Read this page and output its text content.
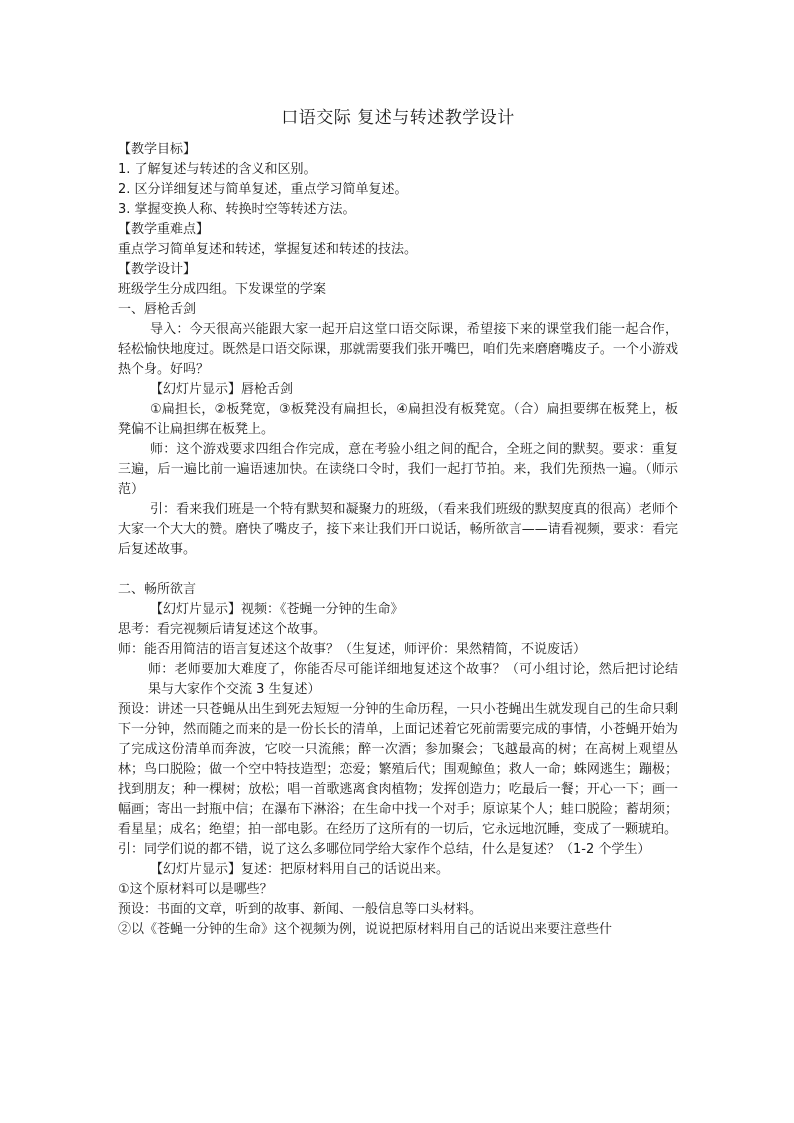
口语交际 复述与转述教学设计

【教学目标】

1. 了解复述与转述的含义和区别。

2. 区分详细复述与简单复述，重点学习简单复述。

3. 掌握变换人称、转换时空等转述方法。

【教学重难点】

重点学习简单复述和转述，掌握复述和转述的技法。

【教学设计】

班级学生分成四组。下发课堂的学案

一、唇枪舌剑

导入：今天很高兴能跟大家一起开启这堂口语交际课，希望接下来的课堂我们能一起合作，轻松愉快地度过。既然是口语交际课，那就需要我们张开嘴巴，咱们先来磨磨嘴皮子。一个小游戏热个身。好吗？

【幻灯片显示】唇枪舌剑

①扁担长，②板凳宽，③板凳没有扁担长，④扁担没有板凳宽。（合）扁担要绑在板凳上，板凳偏不让扁担绑在板凳上。

师：这个游戏要求四组合作完成，意在考验小组之间的配合，全班之间的默契。要求：重复三遍，后一遍比前一遍语速加快。在读绕口令时，我们一起打节拍。来，我们先预热一遍。（师示范）

引：看来我们班是一个特有默契和凝聚力的班级，（看来我们班级的默契度真的很高）老师个大家一个大大的赞。磨快了嘴皮子，接下来让我们开口说话，畅所欲言——请看视频，要求：看完后复述故事。

二、畅所欲言

【幻灯片显示】视频：《苍蝇一分钟的生命》

思考：看完视频后请复述这个故事。

师：能否用简洁的语言复述这个故事？（生复述，师评价：果然精简，不说废话）

师：老师要加大难度了，你能否尽可能详细地复述这个故事？（可小组讨论，然后把讨论结果与大家作个交流 3 生复述）

预设：讲述一只苍蝇从出生到死去短短一分钟的生命历程，一只小苍蝇出生就发现自己的生命只剩下一分钟，然而随之而来的是一份长长的清单，上面记述着它死前需要完成的事情，小苍蝇开始为了完成这份清单而奔波，它咬一只流熊；醉一次酒；参加聚会；飞越最高的树；在高树上观望丛林；鸟口脱险；做一个空中特技造型；恋爱；繁殖后代；围观鲸鱼；救人一命；蛛网逃生；蹦极；找到朋友；种一棵树；放松；唱一首歌逃离食肉植物；发挥创造力；吃最后一餐；开心一下；画一幅画；寄出一封瓶中信；在瀑布下淋浴；在生命中找一个对手；原谅某个人；蛙口脱险；蓄胡须；看星星；成名；绝望；拍一部电影。在经历了这所有的一切后，它永远地沉睡，变成了一颗琥珀。

引：同学们说的都不错，说了这么多哪位同学给大家作个总结，什么是复述？（1-2 个学生）

【幻灯片显示】复述：把原材料用自己的话说出来。

①这个原材料可以是哪些？

预设：书面的文章，听到的故事、新闻、一般信息等口头材料。

②以《苍蝇一分钟的生命》这个视频为例，说说把原材料用自己的话说出来要注意些什
